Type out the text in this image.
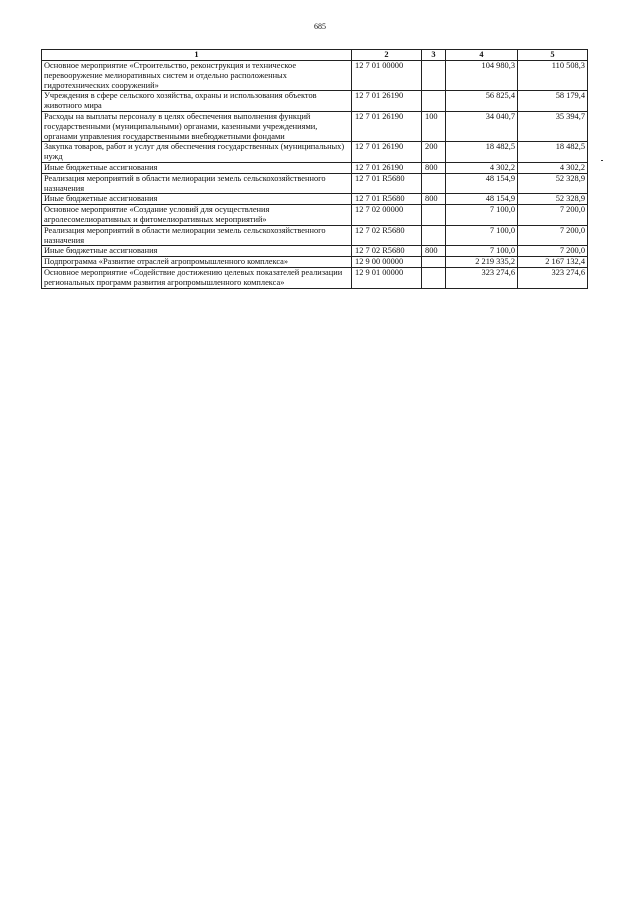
685
1	2	3	4	5
Основное мероприятие «Строительство, реконструкция и техническое перевооружение мелиоративных систем и отдельно расположенных гидротехнических сооружений»	12 7 01 00000		104 980,3	110 508,3
Учреждения в сфере сельского хозяйства, охраны и использования объектов животного мира	12 7 01 26190		56 825,4	58 179,4
Расходы на выплаты персоналу в целях обеспечения выполнения функций государственными (муниципальными) органами, казенными учреждениями, органами управления государственными внебюджетными фондами	12 7 01 26190	100	34 040,7	35 394,7
Закупка товаров, работ и услуг для обеспечения государственных (муниципальных) нужд	12 7 01 26190	200	18 482,5	18 482,5
Иные бюджетные ассигнования	12 7 01 26190	800	4 302,2	4 302,2
Реализация мероприятий в области мелиорации земель сельскохозяйственного назначения	12 7 01 R5680		48 154,9	52 328,9
Иные бюджетные ассигнования	12 7 01 R5680	800	48 154,9	52 328,9
Основное мероприятие «Создание условий для осуществления агролесомелиоративных и фитомелиоративных мероприятий»	12 7 02 00000		7 100,0	7 200,0
Реализация мероприятий в области мелиорации земель сельскохозяйственного назначения	12 7 02 R5680		7 100,0	7 200,0
Иные бюджетные ассигнования	12 7 02 R5680	800	7 100,0	7 200,0
Подпрограмма «Развитие отраслей агропромышленного комплекса»	12 9 00 00000		2 219 335,2	2 167 132,4
Основное мероприятие «Содействие достижению целевых показателей реализации региональных программ развития агропромышленного комплекса»	12 9 01 00000		323 274,6	323 274,6
